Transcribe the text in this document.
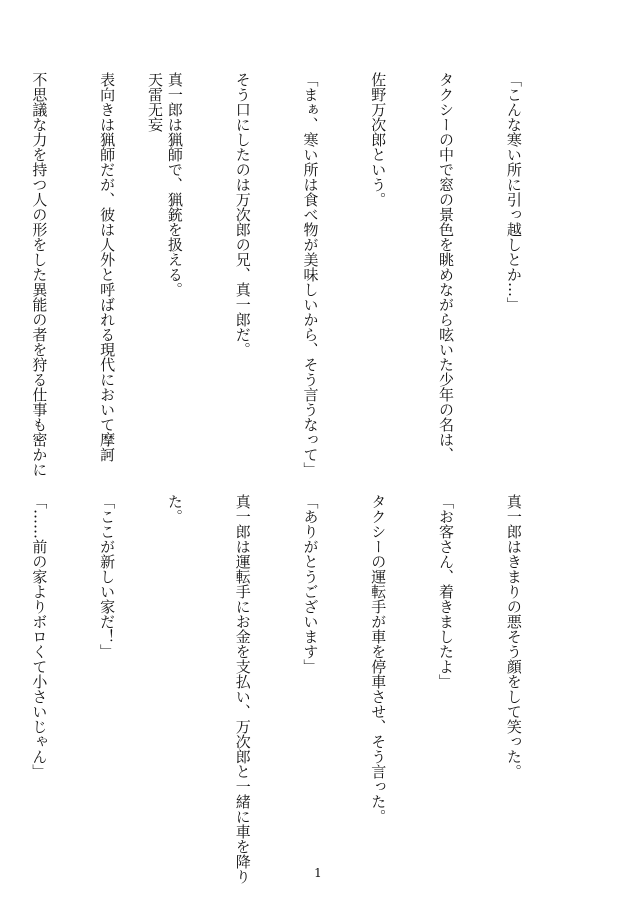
天雷无妄

	「こんな寒い所に引っ越しとか…」

タクシーの中で窓の景色を眺めながら呟いた少年の名は、

佐野万次郎という。

「まぁ、寒い所は食べ物が美味しいから、そう言うなって」

そう口にしたのは万次郎の兄、真一郎だ。

真一郎は猟師で、猟銃を扱える。

表向きは猟師だが、彼は人外と呼ばれる現代において摩訶

不思議な力を持つ人の形をした異能の者を狩る仕事も密かに

真一郎はきまりの悪そう顔をして笑った。

「お客さん、着きましたよ」

タクシーの運転手が車を停車させ、そう言った。

「ありがとうございます」

真一郎は運転手にお金を支払い、万次郎と一緒に車を降り

た。

「ここが新しい家だ！」

「……前の家よりボロくて小さいじゃん」

1
